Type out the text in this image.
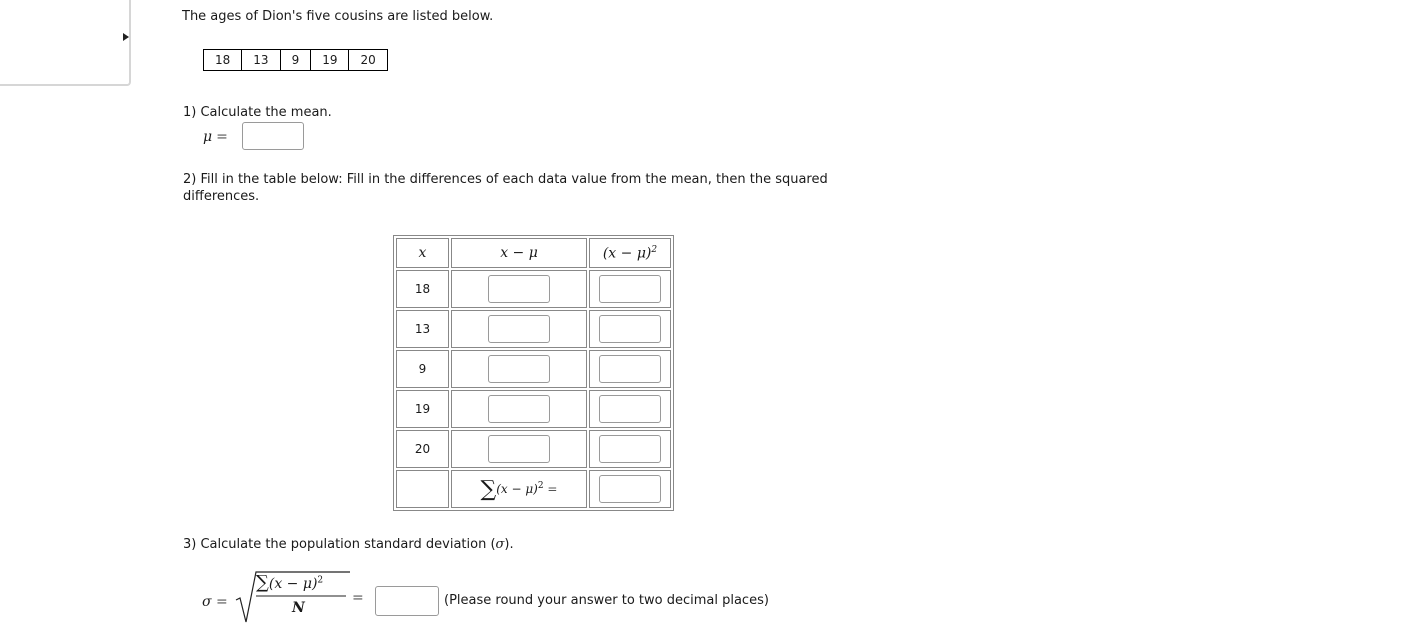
The ages of Dion's five cousins are listed below.
18	13	9	19	20
1) Calculate the mean.
μ =
2) Fill in the table below: Fill in the differences of each data value from the mean, then the squared differences.
x	x − μ	$(x - \mu)^2$
18		
13		
9		
19		
20		
	$\sum(x - \mu)^2$ =	
3) Calculate the population standard deviation (σ).
σ =
$\sum(x - \mu)^2$
N
=	(Please round your answer to two decimal places)
